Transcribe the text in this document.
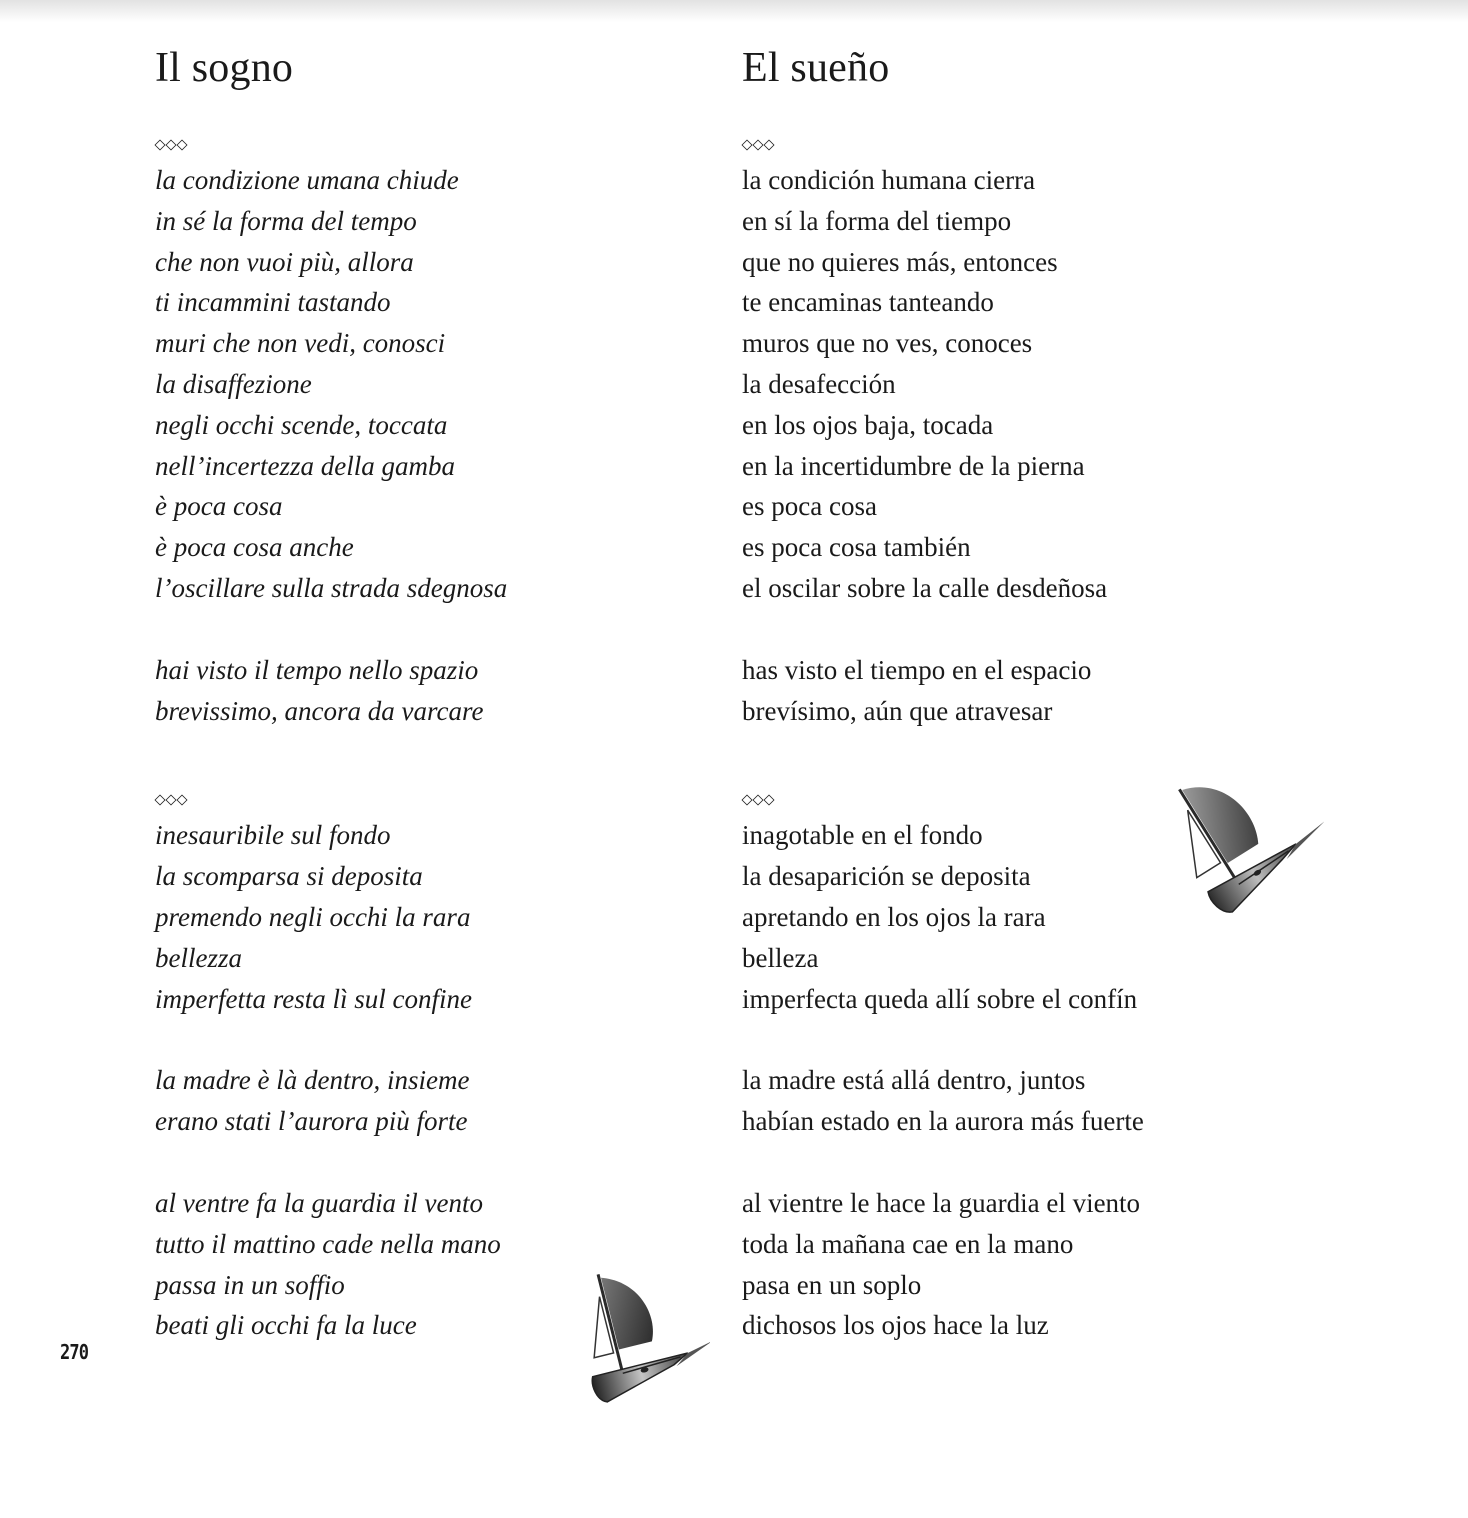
Il sogno
la condizione umana chiude
in sé la forma del tempo
che non vuoi più, allora
ti incammini tastando
muri che non vedi, conosci
la disaffezione
negli occhi scende, toccata
nell’incertezza della gamba
è poca cosa
è poca cosa anche
l’oscillare sulla strada sdegnosa
hai visto il tempo nello spazio
brevissimo, ancora da varcare
inesauribile sul fondo
la scomparsa si deposita
premendo negli occhi la rara
bellezza
imperfetta resta lì sul confine
la madre è là dentro, insieme
erano stati l’aurora più forte
al ventre fa la guardia il vento
tutto il mattino cade nella mano
passa in un soffio
beati gli occhi fa la luce
El sueño
la condición humana cierra
en sí la forma del tiempo
que no quieres más, entonces
te encaminas tanteando
muros que no ves, conoces
la desafección
en los ojos baja, tocada
en la incertidumbre de la pierna
es poca cosa
es poca cosa también
el oscilar sobre la calle desdeñosa
has visto el tiempo en el espacio
brevísimo, aún que atravesar
inagotable en el fondo
la desaparición se deposita
apretando en los ojos la rara
belleza
imperfecta queda allí sobre el confín
la madre está allá dentro, juntos
habían estado en la aurora más fuerte
al vientre le hace la guardia el viento
toda la mañana cae en la mano
pasa en un soplo
dichosos los ojos hace la luz
270
